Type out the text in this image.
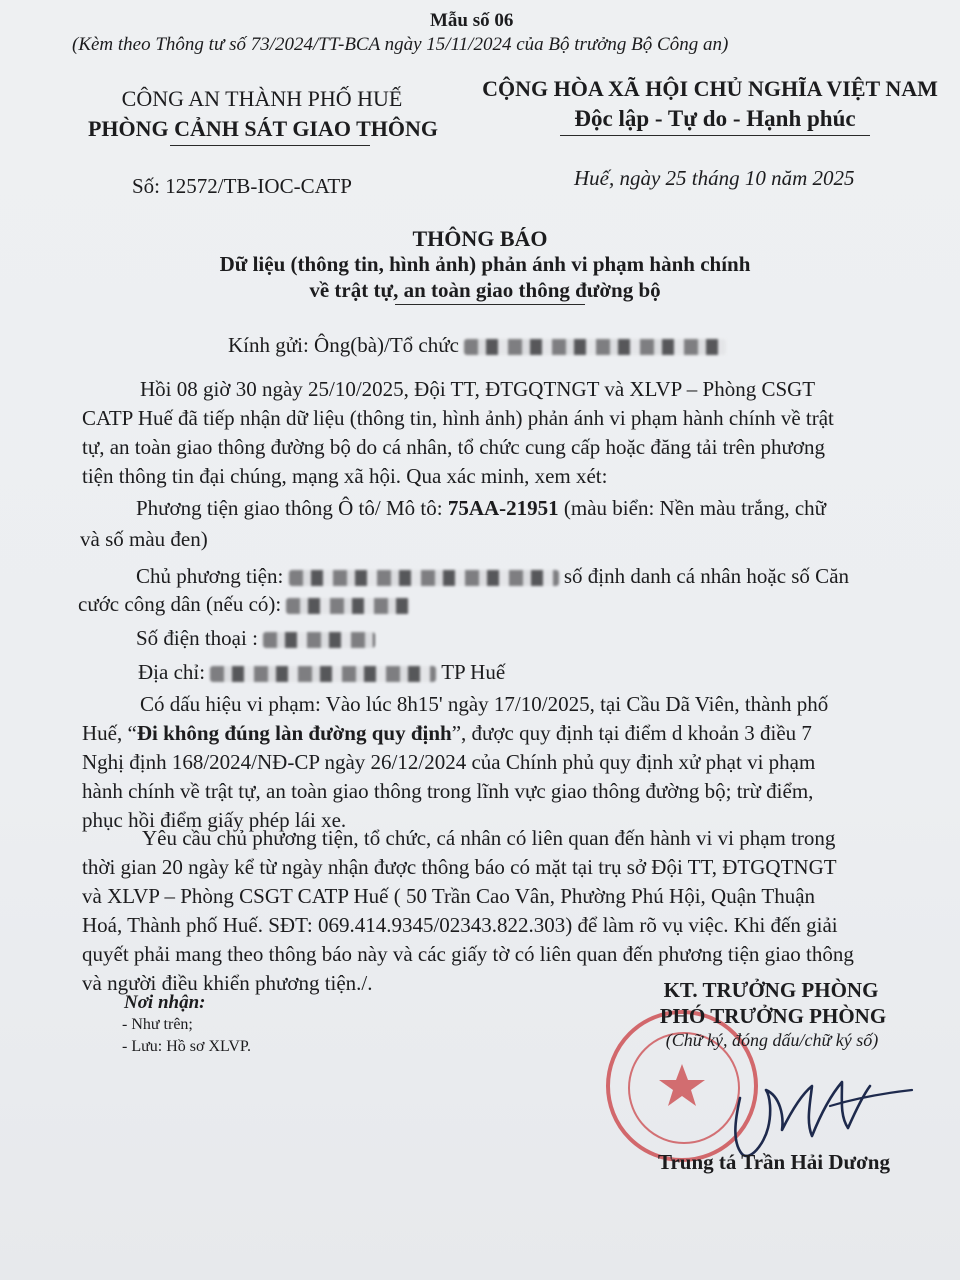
Mẫu số 06
(Kèm theo Thông tư số 73/2024/TT-BCA ngày 15/11/2024 của Bộ trưởng Bộ Công an)
CÔNG AN THÀNH PHỐ HUẾ
PHÒNG CẢNH SÁT GIAO THÔNG
CỘNG HÒA XÃ HỘI CHỦ NGHĨA VIỆT NAM
Độc lập - Tự do - Hạnh phúc
Số: 12572/TB-IOC-CATP	Huế, ngày 25 tháng 10 năm 2025
THÔNG BÁO
Dữ liệu (thông tin, hình ảnh) phản ánh vi phạm hành chính
về trật tự, an toàn giao thông đường bộ
Kính gửi: Ông(bà)/Tổ chức
Hồi 08 giờ 30 ngày 25/10/2025, Đội TT, ĐTGQTNGT và XLVP – Phòng CSGT
CATP Huế đã tiếp nhận dữ liệu (thông tin, hình ảnh) phản ánh vi phạm hành chính về trật
tự, an toàn giao thông đường bộ do cá nhân, tổ chức cung cấp hoặc đăng tải trên phương
tiện thông tin đại chúng, mạng xã hội. Qua xác minh, xem xét:
Phương tiện giao thông Ô tô/ Mô tô: 75AA-21951 (màu biển: Nền màu trắng, chữ
và số màu đen)
Chủ phương tiện:	số định danh cá nhân hoặc số Căn
cước công dân (nếu có):
Số điện thoại :
Địa chỉ:	TP Huế
Có dấu hiệu vi phạm: Vào lúc 8h15' ngày 17/10/2025, tại Cầu Dã Viên, thành phố
Huế, “Đi không đúng làn đường quy định”, được quy định tại điểm d khoản 3 điều 7
Nghị định 168/2024/NĐ-CP ngày 26/12/2024 của Chính phủ quy định xử phạt vi phạm
hành chính về trật tự, an toàn giao thông trong lĩnh vực giao thông đường bộ; trừ điểm,
phục hồi điểm giấy phép lái xe.
Yêu cầu chủ phương tiện, tổ chức, cá nhân có liên quan đến hành vi vi phạm trong
thời gian 20 ngày kể từ ngày nhận được thông báo có mặt tại trụ sở Đội TT, ĐTGQTNGT
và XLVP – Phòng CSGT CATP Huế ( 50 Trần Cao Vân, Phường Phú Hội, Quận Thuận
Hoá, Thành phố Huế. SĐT: 069.414.9345/02343.822.303) để làm rõ vụ việc. Khi đến giải
quyết phải mang theo thông báo này và các giấy tờ có liên quan đến phương tiện giao thông
và người điều khiển phương tiện./.
Nơi nhận:
- Như trên;
- Lưu: Hồ sơ XLVP.
KT. TRƯỞNG PHÒNG
PHÓ TRƯỞNG PHÒNG
(Chữ ký, đóng dấu/chữ ký số)
Trung tá Trần Hải Dương
